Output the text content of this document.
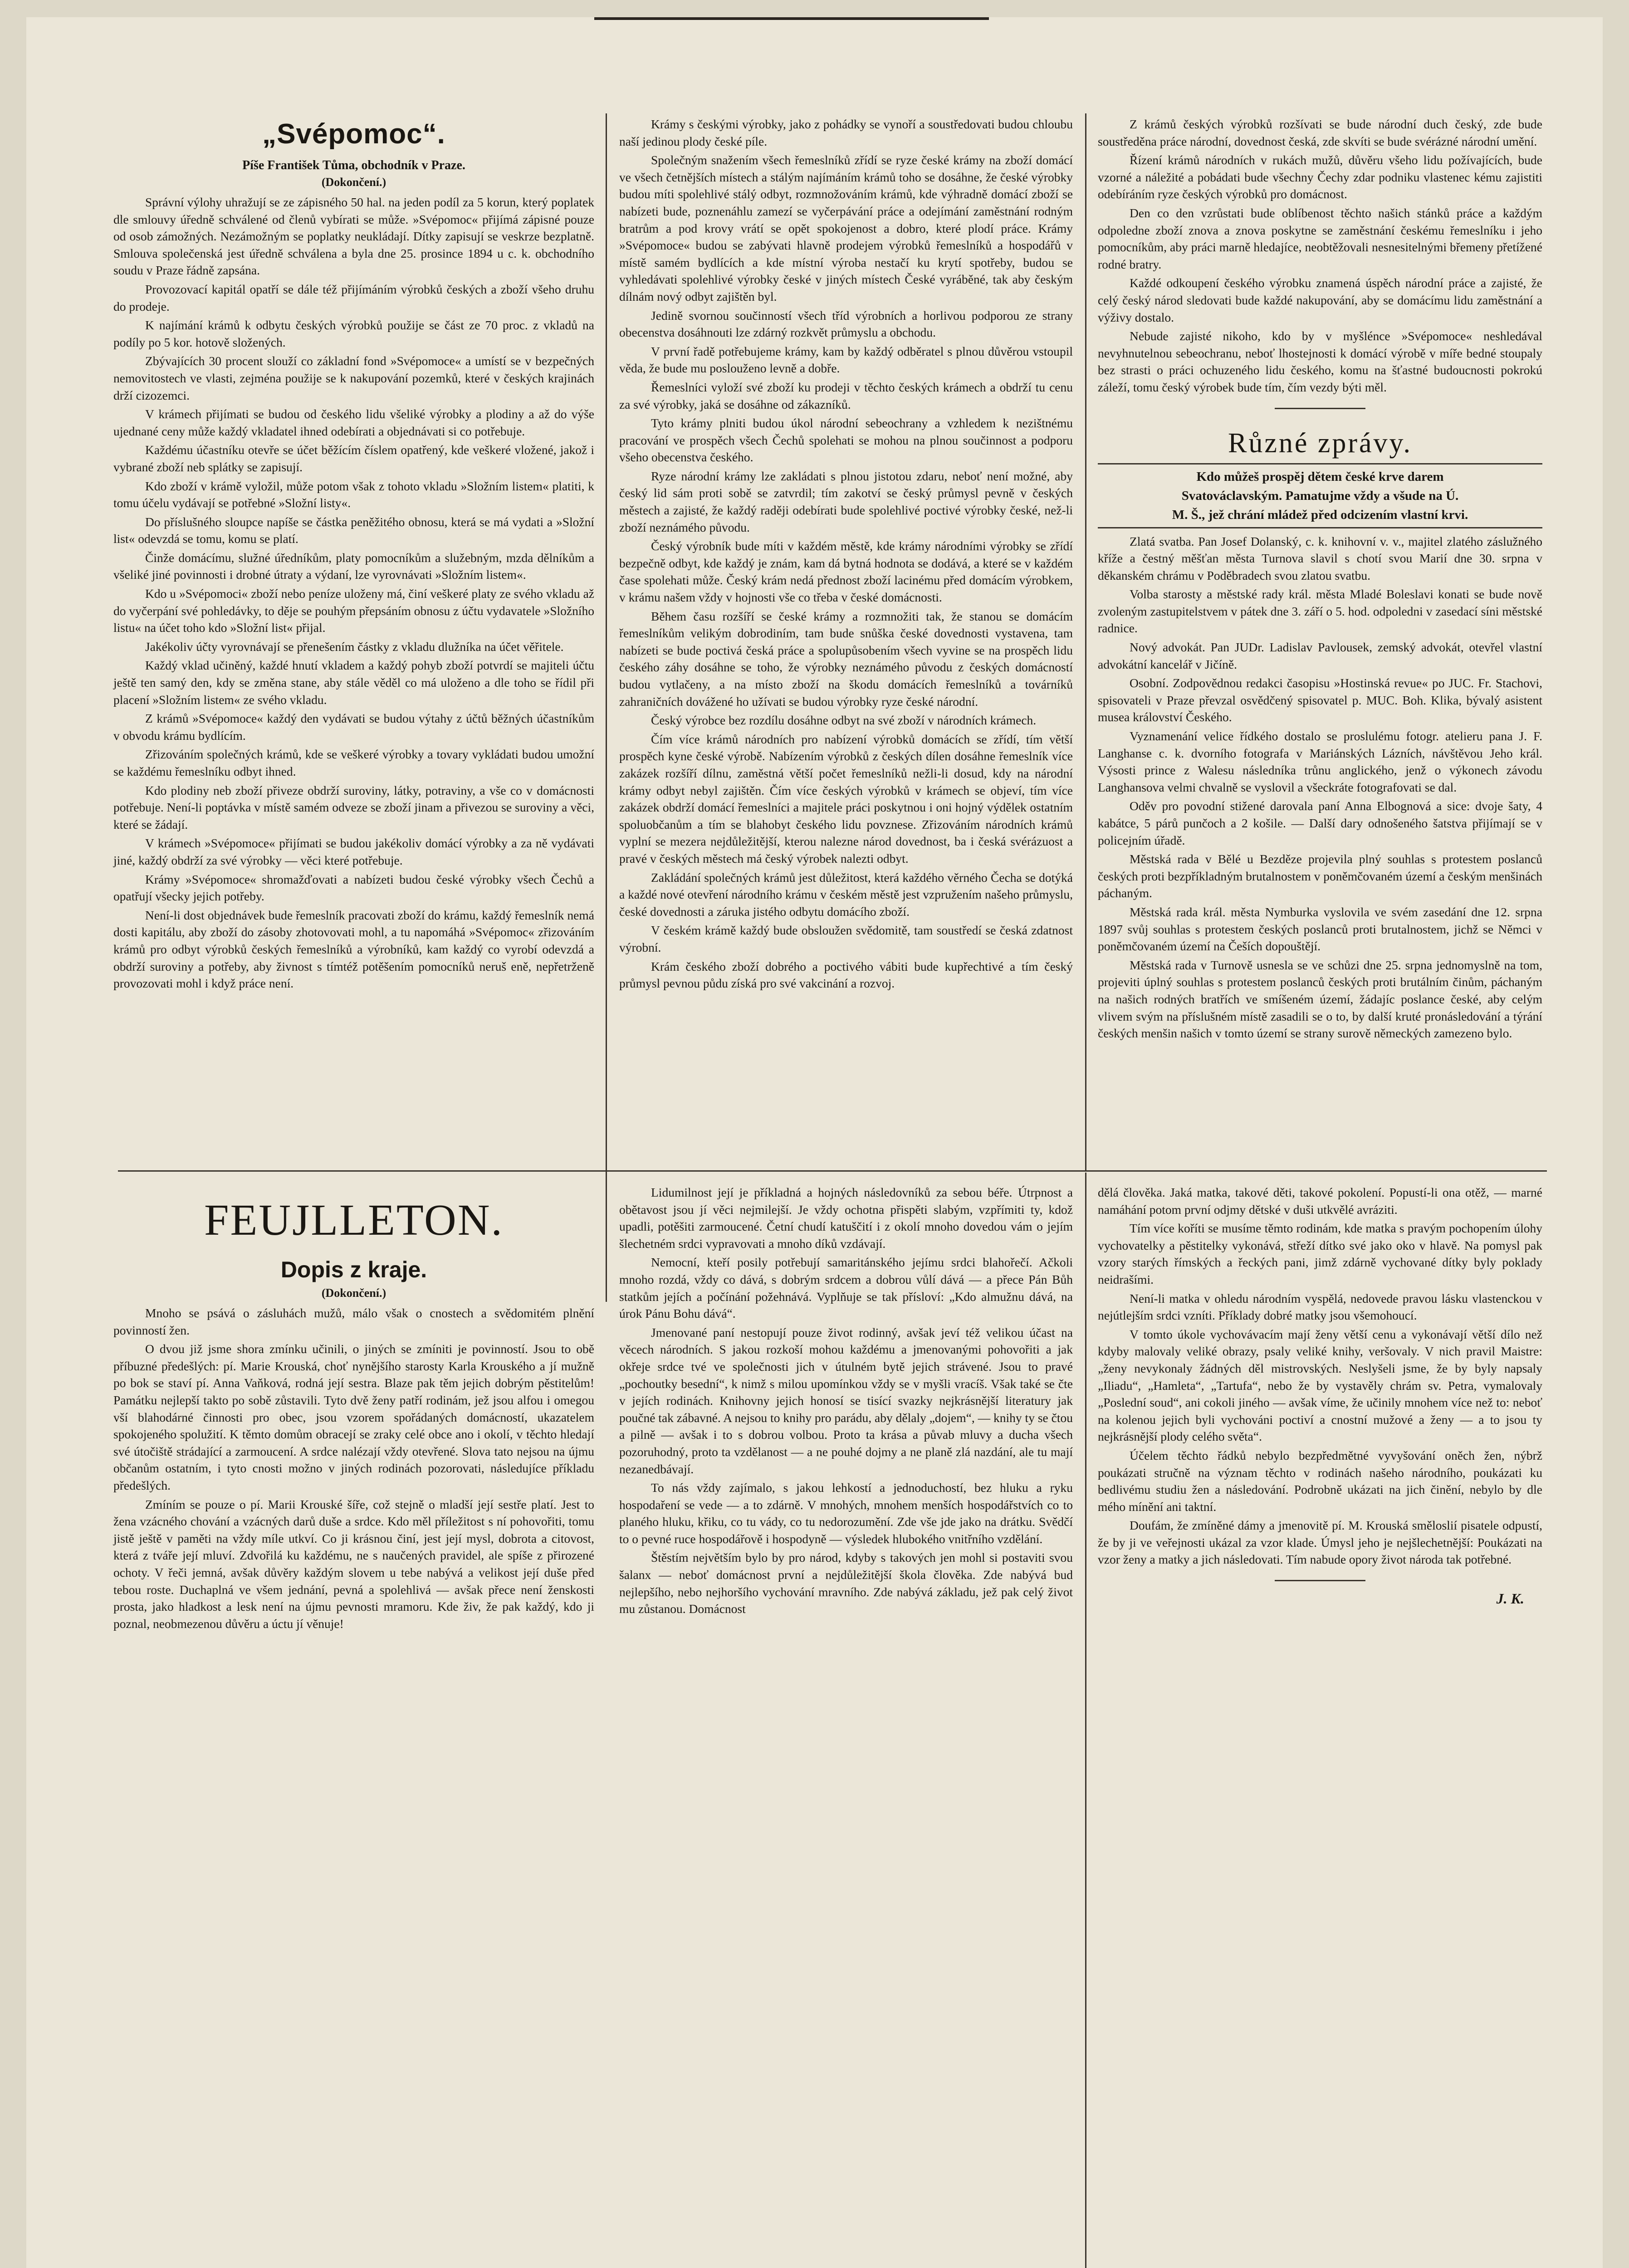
„Svépomoc“.
Píše František Tůma, obchodník v Praze.
(Dokončení.)

Správní výlohy uhražují se ze zápisného 50 hal. na jeden podíl za 5 korun, který poplatek dle smlouvy úředně schválené od členů vybírati se může. »Svépomoc« přijímá zápisné pouze od osob zámožných. Nezámožným se poplatky neukládají. Dítky zapisují se veskrze bezplatně. Smlouva společenská jest úředně schválena a byla dne 25. prosince 1894 u c. k. obchodního soudu v Praze řádně zapsána.

Provozovací kapitál opatří se dále též přijímáním výrobků českých a zboží všeho druhu do prodeje.

K najímání krámů k odbytu českých výrobků použije se část ze 70 proc. z vkladů na podíly po 5 kor. hotově složených.

Zbývajících 30 procent slouží co základní fond »Svépomoce« a umístí se v bezpečných nemovitostech ve vlasti, zejména použije se k nakupování pozemků, které v českých krajinách drží cizozemci.

V krámech přijímati se budou od českého lidu všeliké výrobky a plodiny a až do výše ujednané ceny může každý vkladatel ihned odebírati a objednávati si co potřebuje.

Každému účastníku otevře se účet běžícím číslem opatřený, kde veškeré vložené, jakož i vybrané zboží neb splátky se zapisují.

Kdo zboží v krámě vyložil, může potom však z tohoto vkladu »Složním listem« platiti, k tomu účelu vydávají se potřebné »Složní listy«.

Do příslušného sloupce napíše se částka peněžitého obnosu, která se má vydati a »Složní list« odevzdá se tomu, komu se platí.

Činže domácímu, služné úředníkům, platy pomocníkům a služebným, mzda dělníkům a všeliké jiné povinnosti i drobné útraty a výdaní, lze vyrovnávati »Složním listem«.

Kdo u »Svépomoci« zboží nebo peníze uloženy má, činí veškeré platy ze svého vkladu až do vyčerpání své pohledávky, to děje se pouhým přepsáním obnosu z účtu vydavatele »Složního listu« na účet toho kdo »Složní list« přijal.

Jakékoliv účty vyrovnávají se přenešením částky z vkladu dlužníka na účet věřitele.

Každý vklad učiněný, každé hnutí vkladem a každý pohyb zboží potvrdí se majiteli účtu ještě ten samý den, kdy se změna stane, aby stále věděl co má uloženo a dle toho se řídil při placení »Složním listem« ze svého vkladu.

Z krámů »Svépomoce« každý den vydávati se budou výtahy z účtů běžných účastníkům v obvodu krámu bydlícím.

Zřizováním společných krámů, kde se veškeré výrobky a tovary vykládati budou umožní se každému řemeslníku odbyt ihned.

Kdo plodiny neb zboží přiveze obdrží suroviny, látky, potraviny, a vše co v domácnosti potřebuje. Není-li poptávka v místě samém odveze se zboží jinam a přivezou se suroviny a věci, které se žádají.

V krámech »Svépomoce« přijímati se budou jakékoliv domácí výrobky a za ně vydávati jiné, každý obdrží za své výrobky — věci které potřebuje.

Krámy »Svépomoce« shromažďovati a nabízeti budou české výrobky všech Čechů a opatřují všecky jejich potřeby.

Není-li dost objednávek bude řemeslník pracovati zboží do krámu, každý řemeslník nemá dosti kapitálu, aby zboží do zásoby zhotovovati mohl, a tu napomáhá »Svépomoc« zřizováním krámů pro odbyt výrobků českých řemeslníků a výrobníků, kam každý co vyrobí odevzdá a obdrží suroviny a potřeby, aby živnost s tímtéž potěšením pomocníků neruš eně, nepřetrženě provozovati mohl i když práce není.

Krámy s českými výrobky, jako z pohádky se vynoří a soustředovati budou chloubu naší jedinou plody české píle.

Společným snažením všech řemeslníků zřídí se ryze české krámy na zboží domácí ve všech četnějších místech a stálým najímáním krámů toho se dosáhne, že české výrobky budou míti spolehlivé stálý odbyt, rozmnožováním krámů, kde výhradně domácí zboží se nabízeti bude, poznenáhlu zamezí se vyčerpávání práce a odejímání zaměstnání rodným bratrům a pod krovy vrátí se opět spokojenost a dobro, které plodí práce. Krámy »Svépomoce« budou se zabývati hlavně prodejem výrobků řemeslníků a hospodářů v místě samém bydlících a kde místní výroba nestačí ku krytí spotřeby, budou se vyhledávati spolehlivé výrobky české v jiných místech České vyráběné, tak aby českým dílnám nový odbyt zajištěn byl.

Jedině svornou součinností všech tříd výrobních a horlivou podporou ze strany obecenstva dosáhnouti lze zdárný rozkvět průmyslu a obchodu.

V první řadě potřebujeme krámy, kam by každý odběratel s plnou důvěrou vstoupil věda, že bude mu poslouženo levně a dobře.

Řemeslníci vyloží své zboží ku prodeji v těchto českých krámech a obdrží tu cenu za své výrobky, jaká se dosáhne od zákazníků.

Tyto krámy plniti budou úkol národní sebeochrany a vzhledem k nezištnému pracování ve prospěch všech Čechů spolehati se mohou na plnou součinnost a podporu všeho obecenstva českého.

Ryze národní krámy lze zakládati s plnou jistotou zdaru, neboť není možné, aby český lid sám proti sobě se zatvrdil; tím zakotví se český průmysl pevně v českých městech a zajisté, že každý raději odebírati bude spolehlivé poctivé výrobky české, než-li zboží neznámého původu.

Český výrobník bude míti v každém městě, kde krámy národními výrobky se zřídí bezpečně odbyt, kde každý je znám, kam dá bytná hodnota se dodává, a které se v každém čase spolehati může. Český krám nedá přednost zboží lacinému před domácím výrobkem, v krámu našem vždy v hojnosti vše co třeba v české domácnosti.

Během času rozšíří se české krámy a rozmnožiti tak, že stanou se domácím řemeslníkům velikým dobrodiním, tam bude snůška české dovednosti vystavena, tam nabízeti se bude poctivá česká práce a spolupůsobením všech vyvine se na prospěch lidu českého záhy dosáhne se toho, že výrobky neznámého původu z českých domácností budou vytlačeny, a na místo zboží na škodu domácích řemeslníků a továrníků zahraničních dovážené ho užívati se budou výrobky ryze české národní.

Český výrobce bez rozdílu dosáhne odbyt na své zboží v národních krámech.

Čím více krámů národních pro nabízení výrobků domácích se zřídí, tím větší prospěch kyne české výrobě. Nabízením výrobků z českých dílen dosáhne řemeslník více zakázek rozšíří dílnu, zaměstná větší počet řemeslníků nežli-li dosud, kdy na národní krámy odbyt nebyl zajištěn. Čím více českých výrobků v krámech se objeví, tím více zakázek obdrží domácí řemeslníci a majitele práci poskytnou i oni hojný výdělek ostatním spoluobčanům a tím se blahobyt českého lidu povznese. Zřizováním národních krámů vyplní se mezera nejdůležitější, kterou nalezne národ dovednost, ba i česká svérázuost a pravé v českých městech má český výrobek nalezti odbyt.

Zakládání společných krámů jest důležitost, která každého věrného Čecha se dotýká a každé nové otevření národního krámu v českém městě jest vzpružením našeho průmyslu, české dovednosti a záruka jistého odbytu domácího zboží.

V českém krámě každý bude obsloužen svědomitě, tam soustředí se česká zdatnost výrobní.

Krám českého zboží dobrého a poctivého vábiti bude kupřechtivé a tím český průmysl pevnou půdu získá pro své vakcinání a rozvoj.

Z krámů českých výrobků rozšívati se bude národní duch český, zde bude soustředěna práce národní, dovednost česká, zde skvíti se bude svérázné národní umění.

Řízení krámů národních v rukách mužů, důvěru všeho lidu požívajících, bude vzorné a náležité a pobádati bude všechny Čechy zdar podniku vlastenec kému zajistiti odebíráním ryze českých výrobků pro domácnost.

Den co den vzrůstati bude oblíbenost těchto našich stánků práce a každým odpoledne zboží znova a znova poskytne se zaměstnání českému řemeslníku i jeho pomocníkům, aby práci marně hledajíce, neobtěžovali nesnesitelnými břemeny přetížené rodné bratry.

Každé odkoupení českého výrobku znamená úspěch národní práce a zajisté, že celý český národ sledovati bude každé nakupování, aby se domácímu lidu zaměstnání a výživy dostalo.

Nebude zajisté nikoho, kdo by v myšlénce »Svépomoce« neshledával nevyhnutelnou sebeochranu, neboť lhostejnosti k domácí výrobě v míře bedné stoupaly bez strasti o práci ochuzeného lidu českého, komu na šťastné budoucnosti pokrokú záleží, tomu český výrobek bude tím, čím vezdy býti měl.

Různé zprávy.
Kdo můžeš prospěj dětem české krve darem
Svatováclavským. Pamatujme vždy a všude na Ú.
M. Š., jež chrání mládež před odcizením vlastní krvi.

Zlatá svatba. Pan Josef Dolanský, c. k. knihovní v. v., majitel zlatého záslužného kříže a čestný měšťan města Turnova slavil s chotí svou Marií dne 30. srpna v děkanském chrámu v Poděbradech svou zlatou svatbu.

Volba starosty a městské rady král. města Mladé Boleslavi konati se bude nově zvoleným zastupitelstvem v pátek dne 3. září o 5. hod. odpoledni v zasedací síni městské radnice.

Nový advokát. Pan JUDr. Ladislav Pavlousek, zemský advokát, otevřel vlastní advokátní kancelář v Jičíně.

Osobní. Zodpovědnou redakci časopisu »Hostinská revue« po JUC. Fr. Stachovi, spisovateli v Praze převzal osvědčený spisovatel p. MUC. Boh. Klika, bývalý asistent musea království Českého.

Vyznamenání velice řídkého dostalo se proslulému fotogr. atelieru pana J. F. Langhansе c. k. dvorního fotografa v Mariánských Lázních, návštěvou Jeho král. Výsosti prince z Walesu následníka trůnu anglického, jenž o výkonech závodu Langhansova velmi chvalně se vyslovil a všeckráte fotografovati se dal.

Oděv pro povodní stižené darovala paní Anna Elbognová a sice: dvoje šaty, 4 kabátce, 5 párů punčoch a 2 košile. — Další dary odnošeného šatstva přijímají se v policejním úřadě.

Městská rada v Bělé u Bezděze projevila plný souhlas s protestem poslanců českých proti bezpříkladným brutalnostem v poněmčovaném území a českým menšinách páchaným.

Městská rada král. města Nymburka vyslovila ve svém zasedání dne 12. srpna 1897 svůj souhlas s protestem českých poslanců proti brutalnostem, jichž se Němci v poněmčovaném území na Češích dopouštějí.

Městská rada v Turnově usnesla se ve schůzi dne 25. srpna jednomyslně na tom, projeviti úplný souhlas s protestem poslanců českých proti brutálním činům, páchaným na našich rodných bratřích ve smíšeném území, žádajíc poslance české, aby celým vlivem svým na příslušném místě zasadili se o to, by další kruté pronásledování a týrání českých menšin našich v tomto území se strany surově německých zamezeno bylo.

FEUJLLETON.
Dopis z kraje.
(Dokončení.)

Mnoho se psává o zásluhách mužů, málo však o cnostech a svědomitém plnění povinností žen.

O dvou již jsme shora zmínku učinili, o jiných se zmíniti je povinností. Jsou to obě příbuzné předešlých: pí. Marie Krouská, choť nynějšího starosty Karla Krouského a jí mužně po bok se staví pí. Anna Vaňková, rodná její sestra. Blaze pak těm jejich dobrým pěstitelům! Památku nejlepší takto po sobě zůstavili. Tyto dvě ženy patří rodinám, jež jsou alfou i omegou vší blahodárné činnosti pro obec, jsou vzorem spořádaných domácností, ukazatelem spokojeného spolužití. K těmto domům obracejí se zraky celé obce ano i okolí, v těchto hledají své útočiště strádající a zarmoucení. A srdce nalézají vždy otevřené. Slova tato nejsou na újmu občanům ostatním, i tyto cnosti možno v jiných rodinách pozorovati, následujíce příkladu předešlých.

Zmíním se pouze o pí. Marii Krouské šíře, což stejně o mladší její sestře platí. Jest to žena vzácného chování a vzácných darů duše a srdce. Kdo měl příležitost s ní pohovořiti, tomu jistě ještě v paměti na vždy míle utkví. Co ji krásnou činí, jest její mysl, dobrota a citovost, která z tváře její mluví. Zdvořilá ku každému, ne s naučených pravidel, ale spíše z přirozené ochoty. V řeči jemná, avšak důvěry každým slovem u tebe nabývá a velikost její duše před tebou roste. Duchaplná ve všem jednání, pevná a spolehlivá — avšak přece není ženskosti prosta, jako hladkost a lesk není na újmu pevnosti mramoru. Kde živ, že pak každý, kdo ji poznal, neobmezenou důvěru a úctu jí věnuje!

Lidumilnost její je příkladná a hojných následovníků za sebou béře. Útrpnost a obětavost jsou jí věci nejmilejší. Je vždy ochotna přispěti slabým, vzpřímiti ty, kdož upadli, potěšiti zarmoucené. Četní chudí katuščití i z okolí mnoho dovedou vám o jejím šlechetném srdci vypravovati a mnoho díků vzdávají.

Nemocní, kteří posily potřebují samaritánského jejímu srdci blahořečí. Ačkoli mnoho rozdá, vždy co dává, s dobrým srdcem a dobrou vůlí dává — a přece Pán Bůh statkům jejích a počínání požehnává. Vyplňuje se tak přísloví: „Kdo almužnu dává, na úrok Pánu Bohu dává“.

Jmenované paní nestopují pouze život rodinný, avšak jeví též velikou účast na věcech národních. S jakou rozkoší mohou každému a jmenovanými pohovořiti a jak okřeje srdce tvé ve společnosti jich v útulném bytě jejich strávené. Jsou to pravé „pochoutky besední“, k nimž s milou upomínkou vždy se v myšli vracíš. Však také se čte v jejích rodinách. Knihovny jejich honosí se tisící svazky nejkrásnější literatury jak poučné tak zábavné. A nejsou to knihy pro parádu, aby dělaly „dojem“, — knihy ty se čtou a pilně — avšak i to s dobrou volbou. Proto ta krása a půvab mluvy a ducha všech pozoruhodný, proto ta vzdělanost — a ne pouhé dojmy a ne planě zlá nazdání, ale tu mají nezanedbávají.

To nás vždy zajímalo, s jakou lehkostí a jednoduchostí, bez hluku a ryku hospodaření se vede — a to zdárně. V mnohých, mnohem menších hospodářstvích co to planého hluku, křiku, co tu vády, co tu nedorozumění. Zde vše jde jako na drátku. Svědčí to o pevné ruce hospodářově i hospodyně — výsledek hlubokého vnitřního vzdělání.

Štěstím největším bylo by pro národ, kdyby s takových jen mohl si postaviti svou šalanx — neboť domácnost první a nejdůležitější škola člověka. Zde nabývá bud nejlepšího, nebo nejhoršího vychování mravního. Zde nabývá základu, jež pak celý život mu zůstanou. Domácnost

dělá člověka. Jaká matka, takové děti, takové pokolení. Popustí-li ona otěž, — marné namáhání potom první odjmy dětské v duši utkvělé avráziti.

Tím více koříti se musíme těmto rodinám, kde matka s pravým pochopením úlohy vychovatelky a pěstitelky vykonává, střeží dítko své jako oko v hlavě. Na pomysl pak vzory starých římských a řeckých pani, jimž zdárně vychované dítky byly poklady neidrašími.

Není-li matka v ohledu národním vyspělá, nedovede pravou lásku vlastenckou v nejútlejším srdci vzníti. Příklady dobré matky jsou všemohoucí.

V tomto úkole vychovávacím mají ženy větší cenu a vykonávají větší dílo než kdyby malovaly veliké obrazy, psaly veliké knihy, veršovaly. V nich pravil Maistre: „ženy nevykonaly žádných děl mistrovských. Neslyšeli jsme, že by byly napsaly „Iliadu“, „Hamleta“, „Tartufa“, nebo že by vystavěly chrám sv. Petra, vymalovaly „Poslední soud“, ani cokoli jiného — avšak víme, že učinily mnohem více než to: neboť na kolenou jejich byli vychováni poctiví a cnostní mužové a ženy — a to jsou ty nejkrásnější plody celého světa“.

Účelem těchto řádků nebylo bezpředmětné vyvyšování oněch žen, nýbrž poukázati stručně na význam těchto v rodinách našeho národního, poukázati ku bedlivému studiu žen a následování. Podrobně ukázati na jich činění, nebylo by dle mého mínění ani taktní.

Doufám, že zmíněné dámy a jmenovitě pí. M. Krouská směloslií pisatele odpustí, že by ji ve veřejnosti ukázal za vzor klade. Úmysl jeho je nejšlechetnější: Poukázati na vzor ženy a matky a jich následovati. Tím nabude opory život národa tak potřebné.

J. K.
